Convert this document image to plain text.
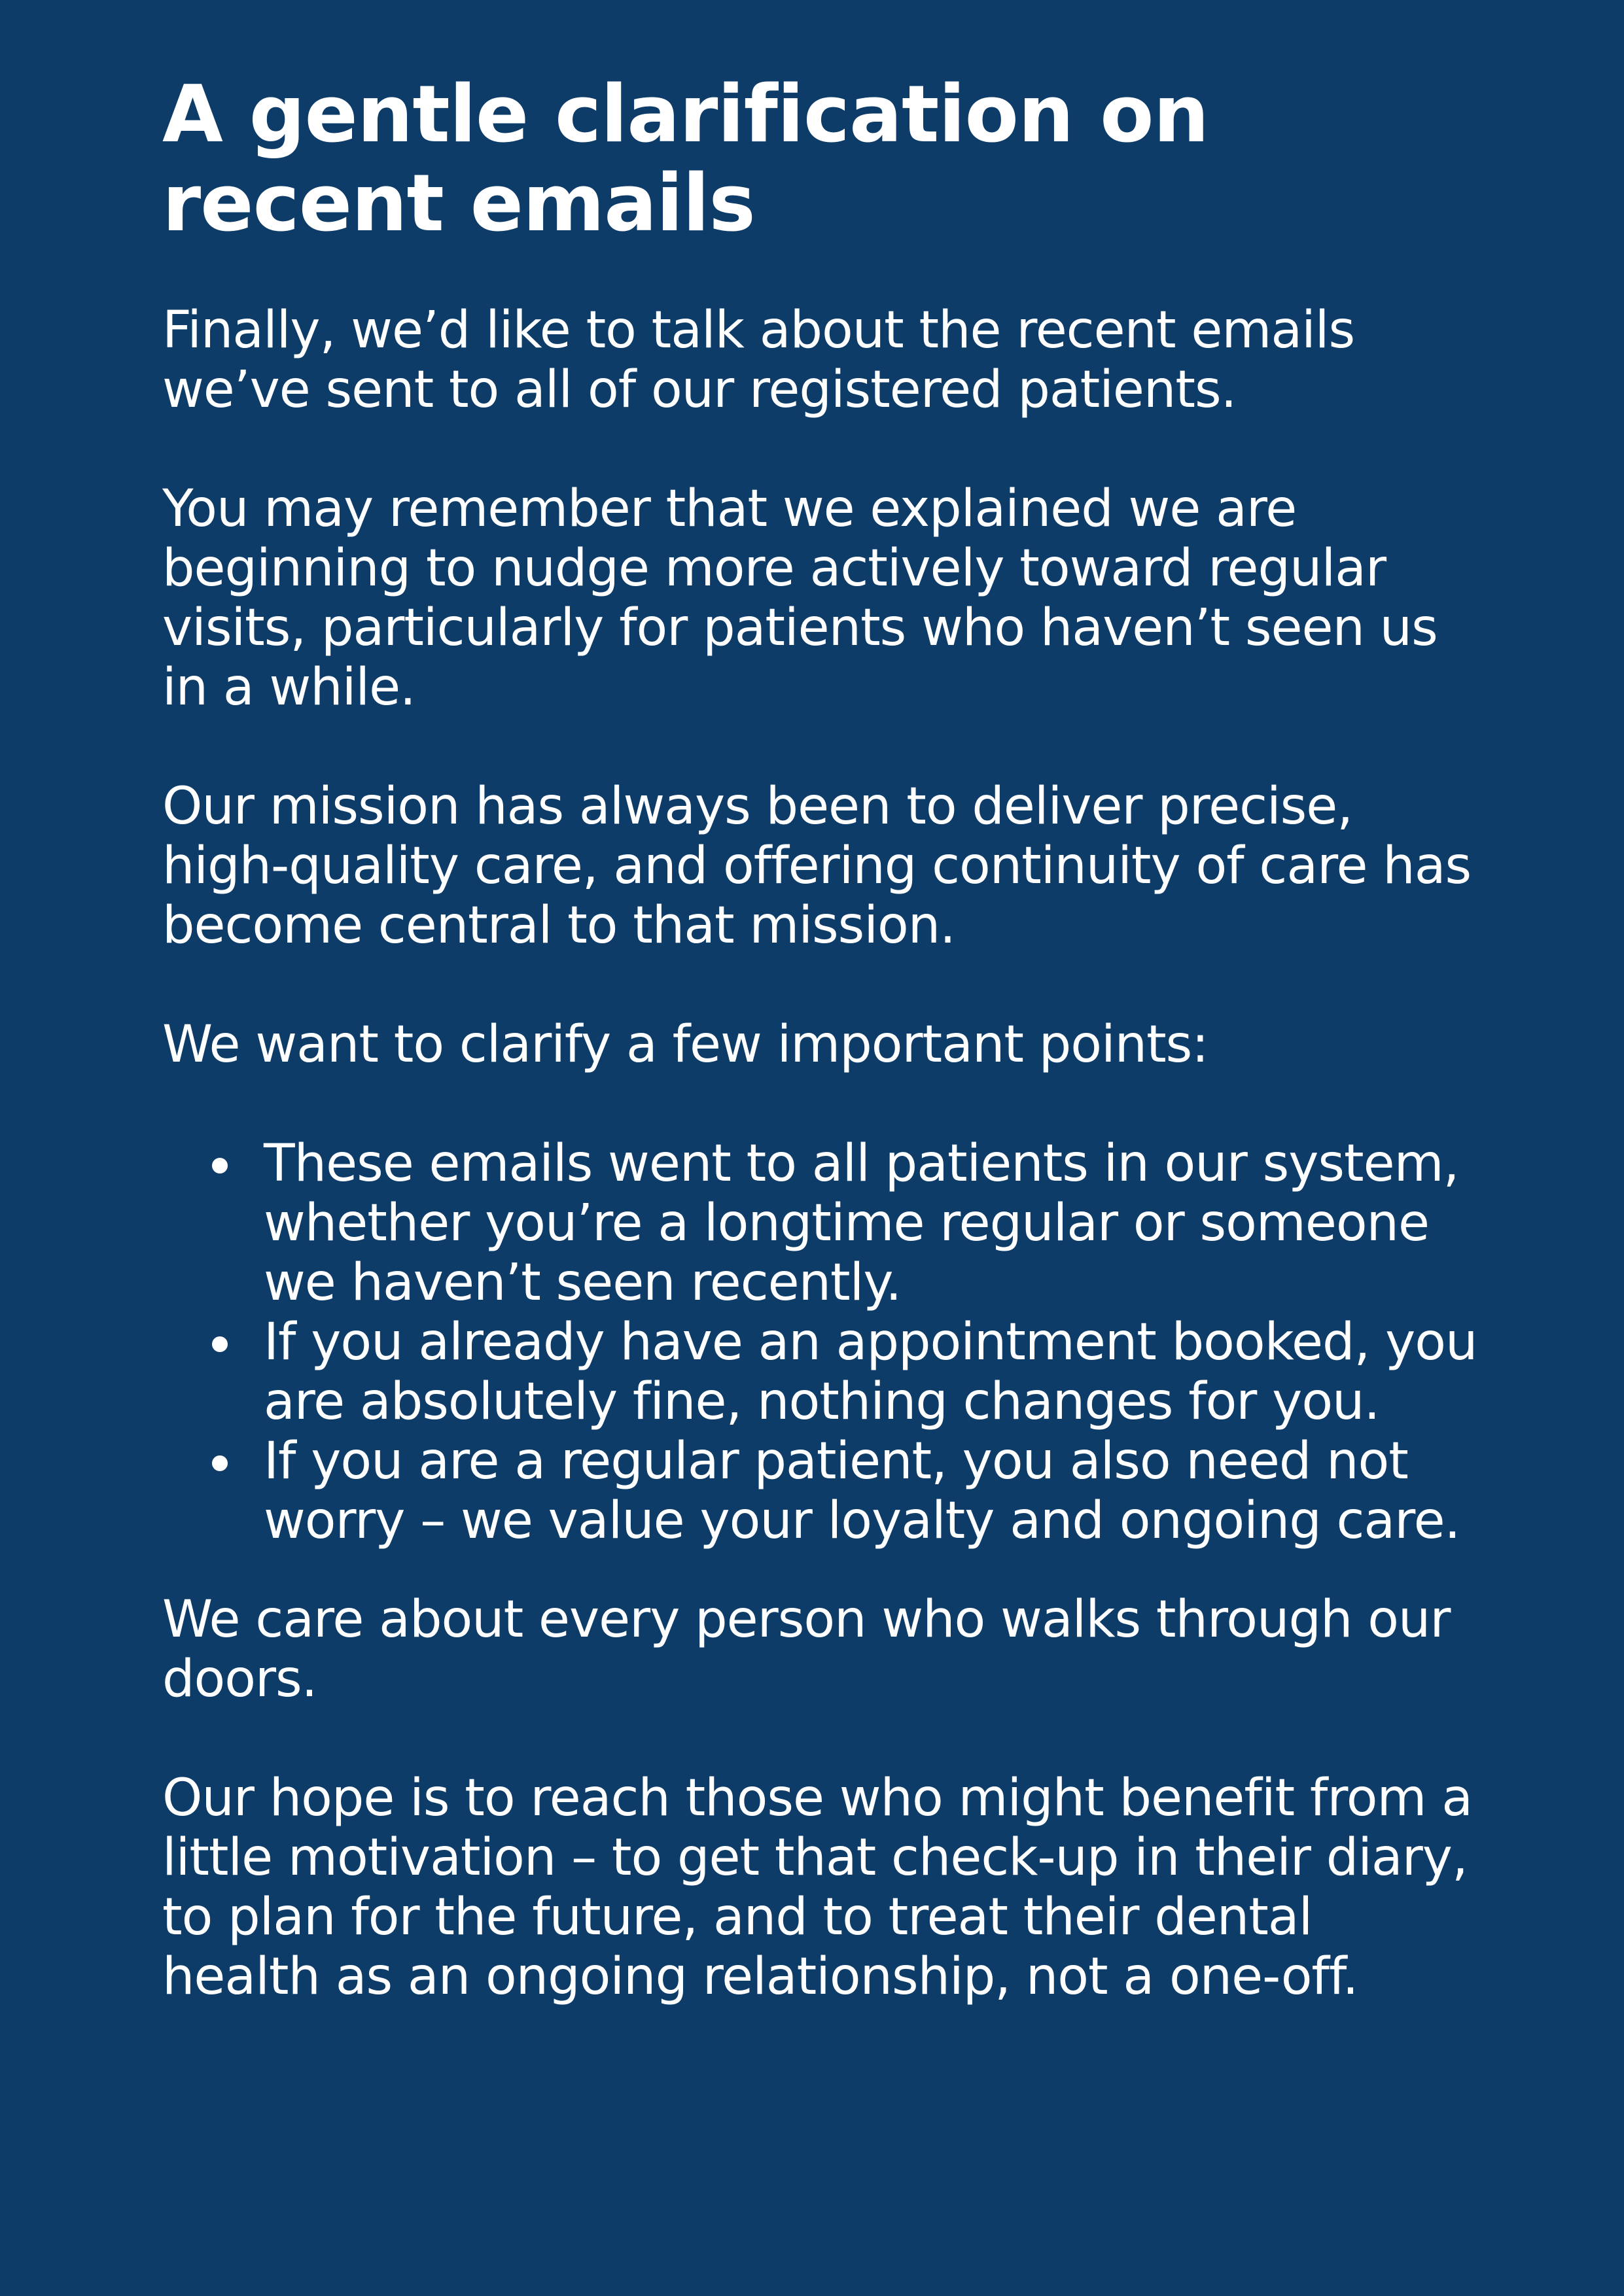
A gentle clarification on recent emails

Finally, we’d like to talk about the recent emails we’ve sent to all of our registered patients.

You may remember that we explained we are beginning to nudge more actively toward regular visits, particularly for patients who haven’t seen us in a while.

Our mission has always been to deliver precise, high-quality care, and offering continuity of care has become central to that mission.

We want to clarify a few important points:

These emails went to all patients in our system, whether you’re a longtime regular or someone we haven’t seen recently.
If you already have an appointment booked, you are absolutely fine, nothing changes for you.
If you are a regular patient, you also need not worry – we value your loyalty and ongoing care.

We care about every person who walks through our doors.

Our hope is to reach those who might benefit from a little motivation – to get that check-up in their diary, to plan for the future, and to treat their dental health as an ongoing relationship, not a one-off.
